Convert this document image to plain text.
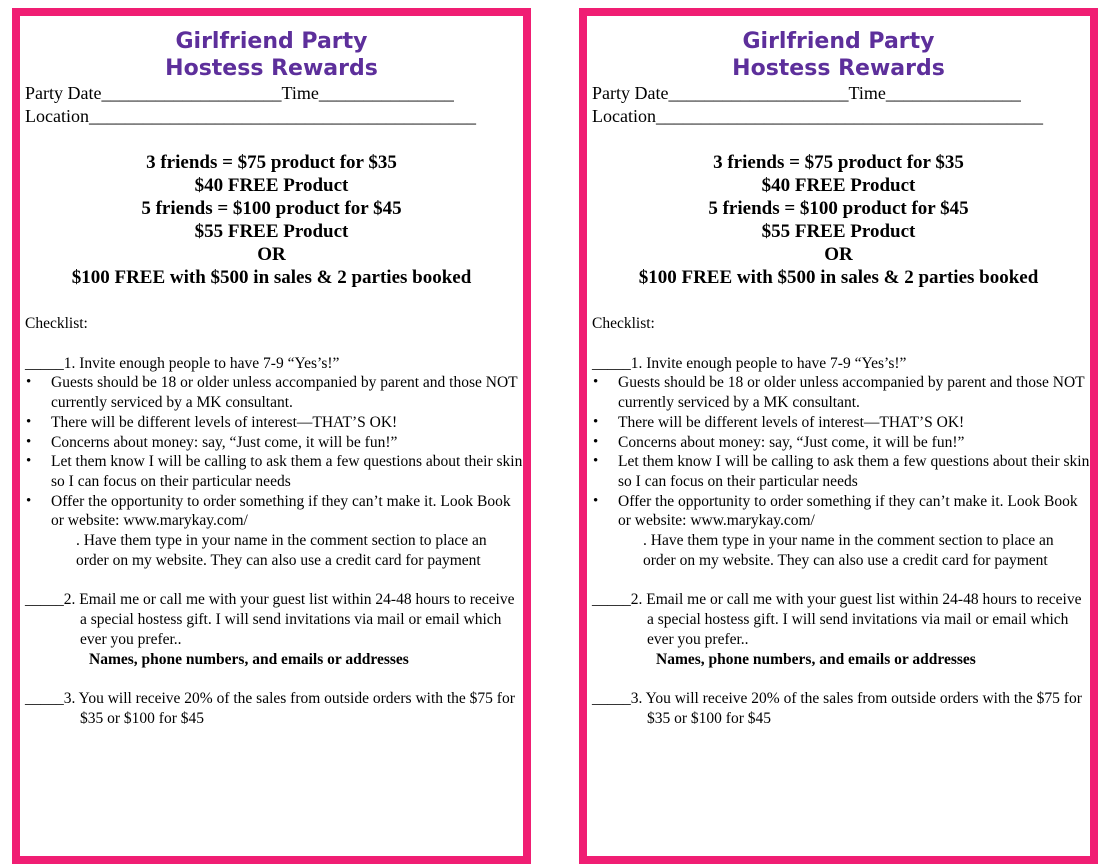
Girlfriend Party
Hostess Rewards
Party Date____________________Time_______________
Location___________________________________________
3 friends = $75 product for $35
$40 FREE Product
5 friends = $100 product for $45
$55 FREE Product
OR
$100 FREE with $500 in sales & 2 parties booked
Checklist:
_____1. Invite enough people to have 7-9 “Yes’s!”
• Guests should be 18 or older unless accompanied by parent and those NOT currently serviced by a MK consultant.
• There will be different levels of interest—THAT’S OK!
• Concerns about money: say, “Just come, it will be fun!”
• Let them know I will be calling to ask them a few questions about their skin so I can focus on their particular needs
• Offer the opportunity to order something if they can’t make it. Look Book or website: www.marykay.com/
. Have them type in your name in the comment section to place an order on my website. They can also use a credit card for payment
_____2. Email me or call me with your guest list within 24-48 hours to receive a special hostess gift. I will send invitations via mail or email which ever you prefer..
Names, phone numbers, and emails or addresses
_____3. You will receive 20% of the sales from outside orders with the $75 for $35 or $100 for $45
Girlfriend Party
Hostess Rewards
Party Date____________________Time_______________
Location___________________________________________
3 friends = $75 product for $35
$40 FREE Product
5 friends = $100 product for $45
$55 FREE Product
OR
$100 FREE with $500 in sales & 2 parties booked
Checklist:
_____1. Invite enough people to have 7-9 “Yes’s!”
• Guests should be 18 or older unless accompanied by parent and those NOT currently serviced by a MK consultant.
• There will be different levels of interest—THAT’S OK!
• Concerns about money: say, “Just come, it will be fun!”
• Let them know I will be calling to ask them a few questions about their skin so I can focus on their particular needs
• Offer the opportunity to order something if they can’t make it. Look Book or website: www.marykay.com/
. Have them type in your name in the comment section to place an order on my website. They can also use a credit card for payment
_____2. Email me or call me with your guest list within 24-48 hours to receive a special hostess gift. I will send invitations via mail or email which ever you prefer..
Names, phone numbers, and emails or addresses
_____3. You will receive 20% of the sales from outside orders with the $75 for $35 or $100 for $45
